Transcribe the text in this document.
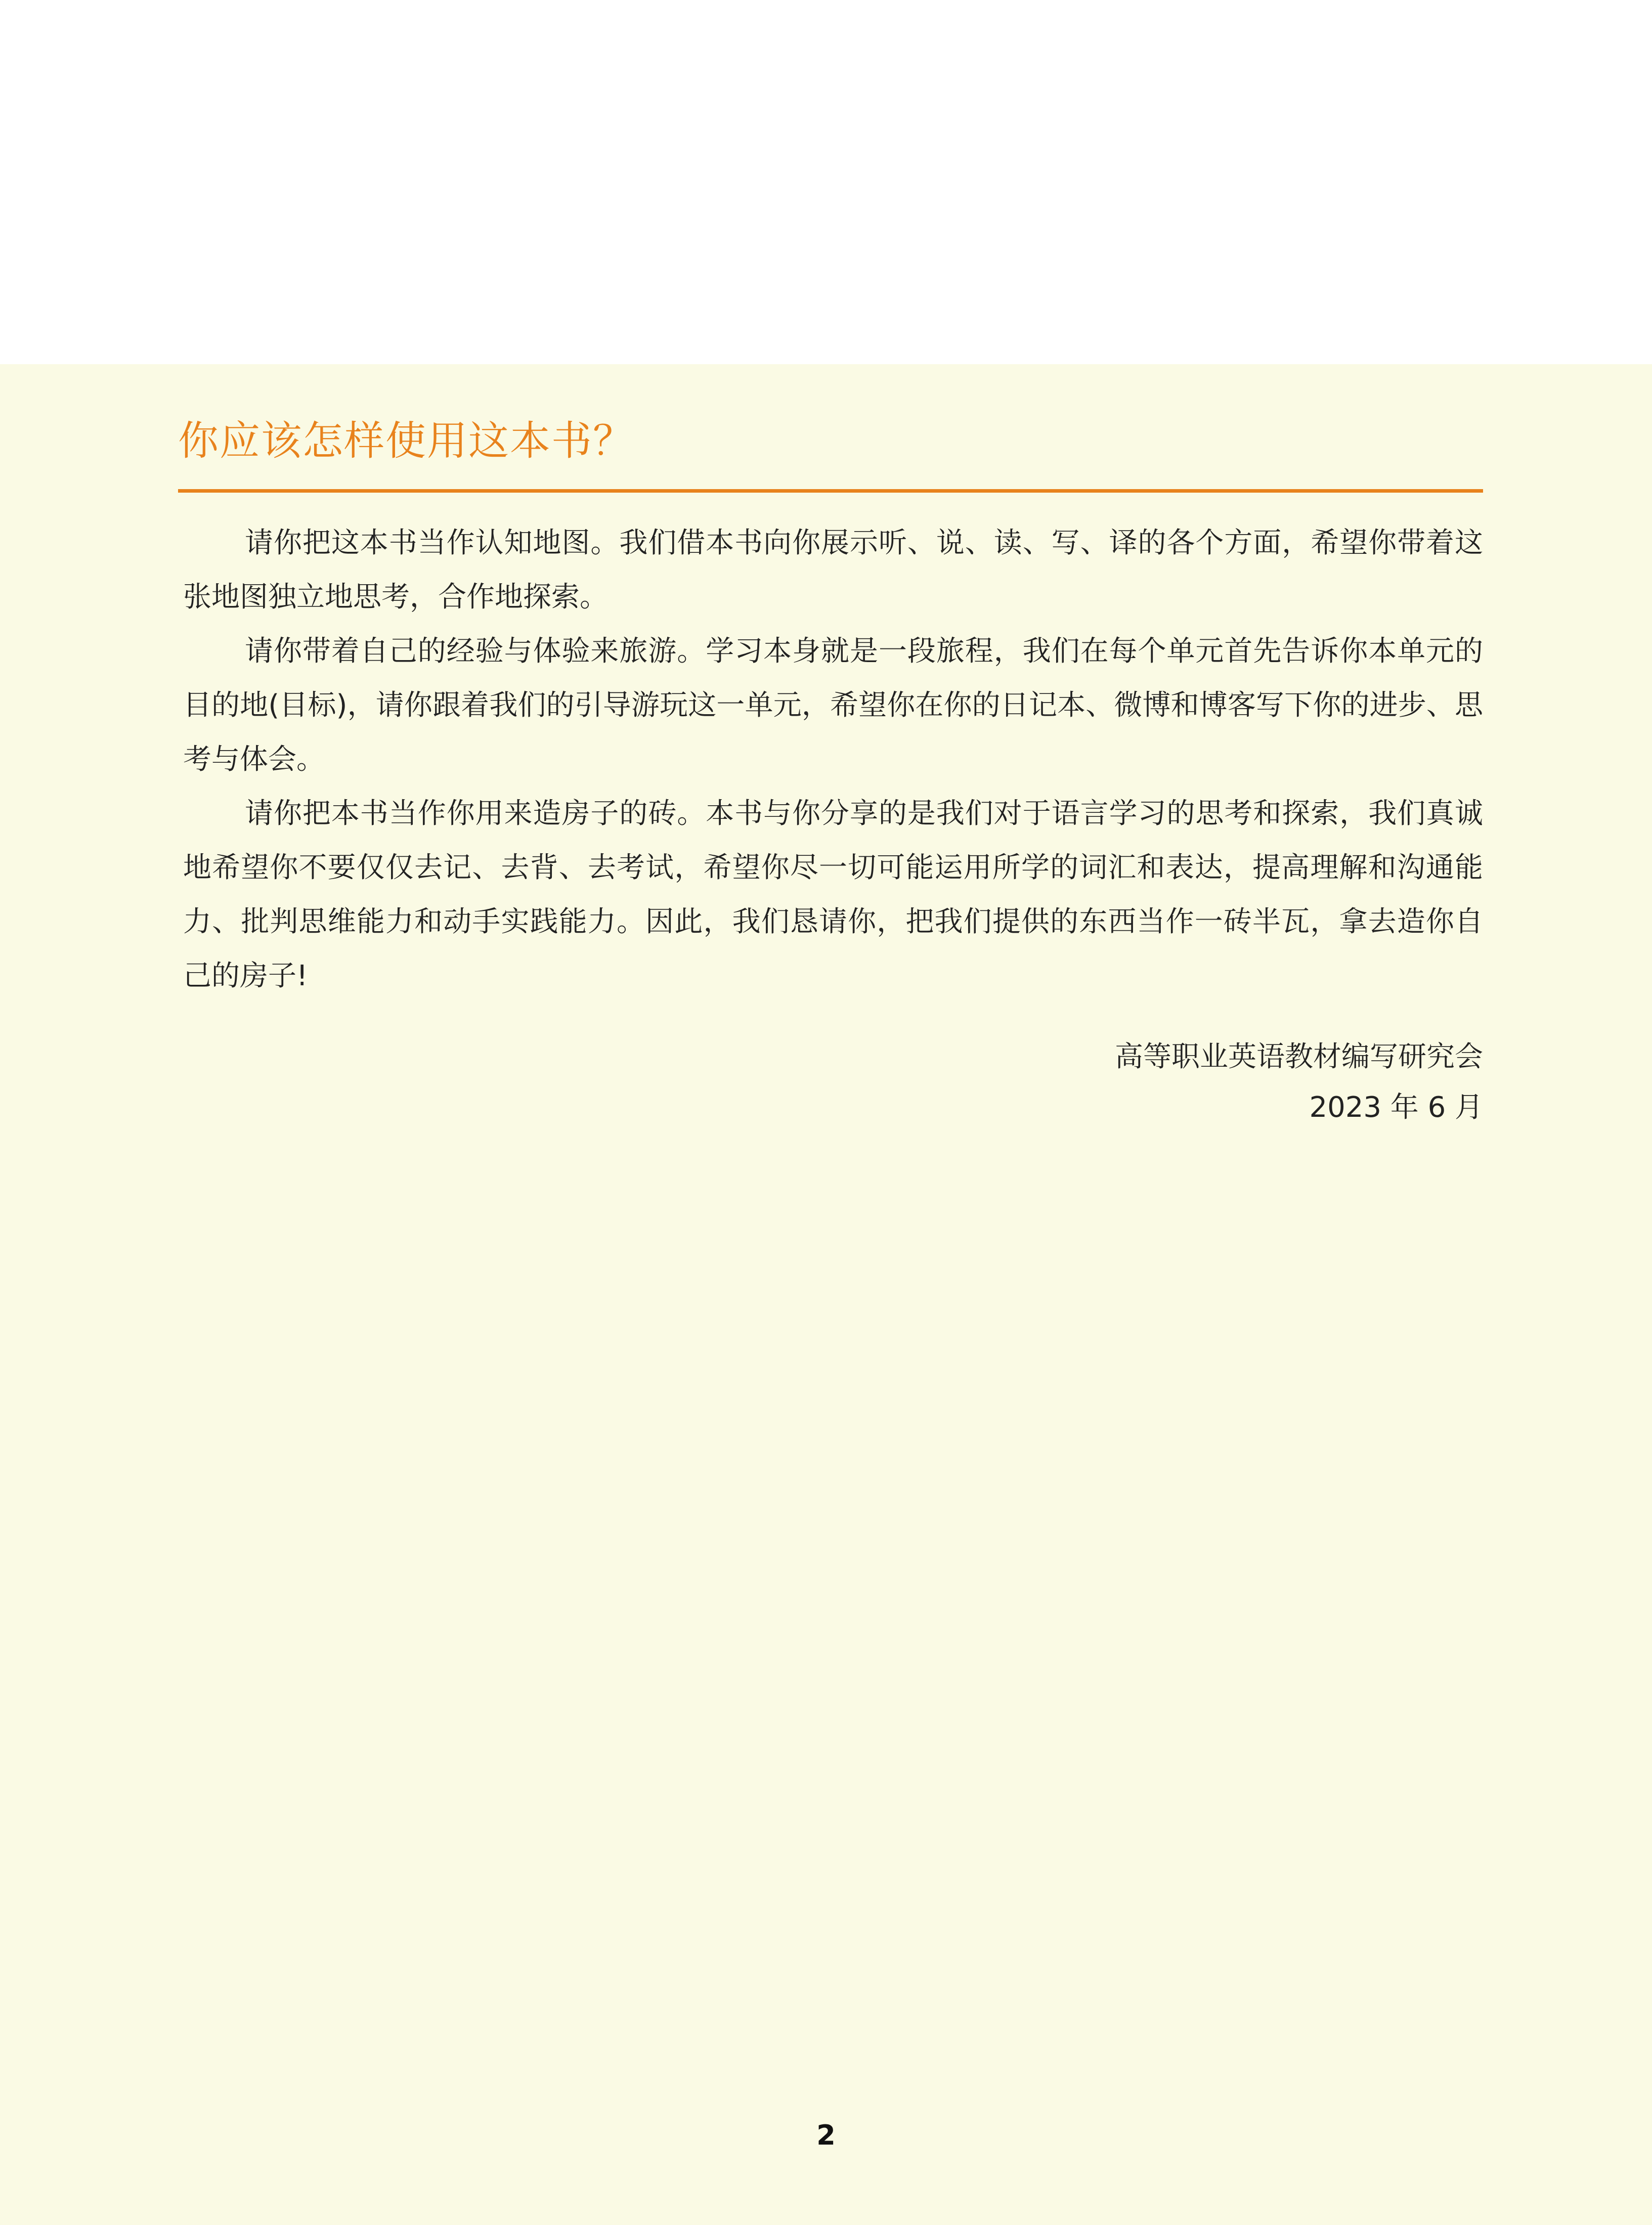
你应该怎样使用这本书？

请你把这本书当作认知地图。我们借本书向你展示听、说、读、写、译的各个方面，希望你带着这张地图独立地思考，合作地探索。

请你带着自己的经验与体验来旅游。学习本身就是一段旅程，我们在每个单元首先告诉你本单元的目的地(目标)，请你跟着我们的引导游玩这一单元，希望你在你的日记本、微博和博客写下你的进步、思考与体会。

请你把本书当作你用来造房子的砖。本书与你分享的是我们对于语言学习的思考和探索，我们真诚地希望你不要仅仅去记、去背、去考试，希望你尽一切可能运用所学的词汇和表达，提高理解和沟通能力、批判思维能力和动手实践能力。因此，我们恳请你，把我们提供的东西当作一砖半瓦，拿去造你自己的房子!

高等职业英语教材编写研究会
2023 年 6 月
2
